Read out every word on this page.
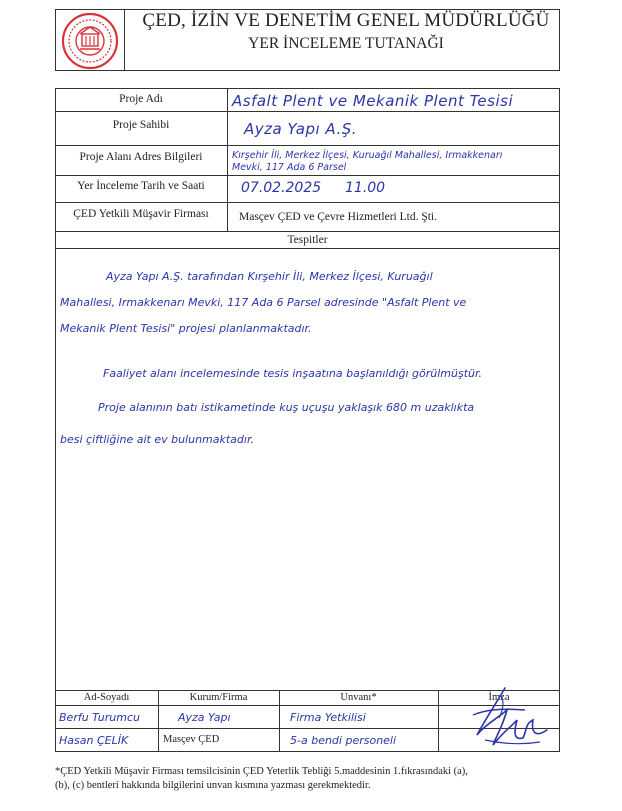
ÇED, İZİN VE DENETİM GENEL MÜDÜRLÜĞÜ
YER İNCELEME TUTANAĞI
Proje Adı	Asfalt Plent ve Mekanik Plent Tesisi
Proje Sahibi	Ayza Yapı A.Ş.
Proje Alanı Adres Bilgileri	Kırşehir İli, Merkez İlçesi, Kuruağıl Mahallesi, Irmakkenarı
Mevki, 117 Ada 6 Parsel
Yer İnceleme Tarih ve Saati	07.02.2025 11.00
ÇED Yetkili Müşavir Firması	Masçev ÇED ve Çevre Hizmetleri Ltd. Şti.
Tespitler
Ayza Yapı A.Ş. tarafından Kırşehir İli, Merkez İlçesi, Kuruağıl
Mahallesi, Irmakkenarı Mevki, 117 Ada 6 Parsel adresinde "Asfalt Plent ve
Mekanik Plent Tesisi" projesi planlanmaktadır.
Faaliyet alanı incelemesinde tesis inşaatına başlanıldığı görülmüştür.
Proje alanının batı istikametinde kuş uçuşu yaklaşık 680 m uzaklıkta
besi çiftliğine ait ev bulunmaktadır.
Ad-Soyadı	Kurum/Firma	Unvanı*	İmza
Berfu Turumcu	Ayza Yapı	Firma Yetkilisi
Hasan ÇELİK	Masçev ÇED	5-a bendi personeli
*ÇED Yetkili Müşavir Firması temsilcisinin ÇED Yeterlik Tebliği 5.maddesinin 1.fıkrasındaki (a),
(b), (c) bentleri hakkında bilgilerini unvan kısmına yazması gerekmektedir.
